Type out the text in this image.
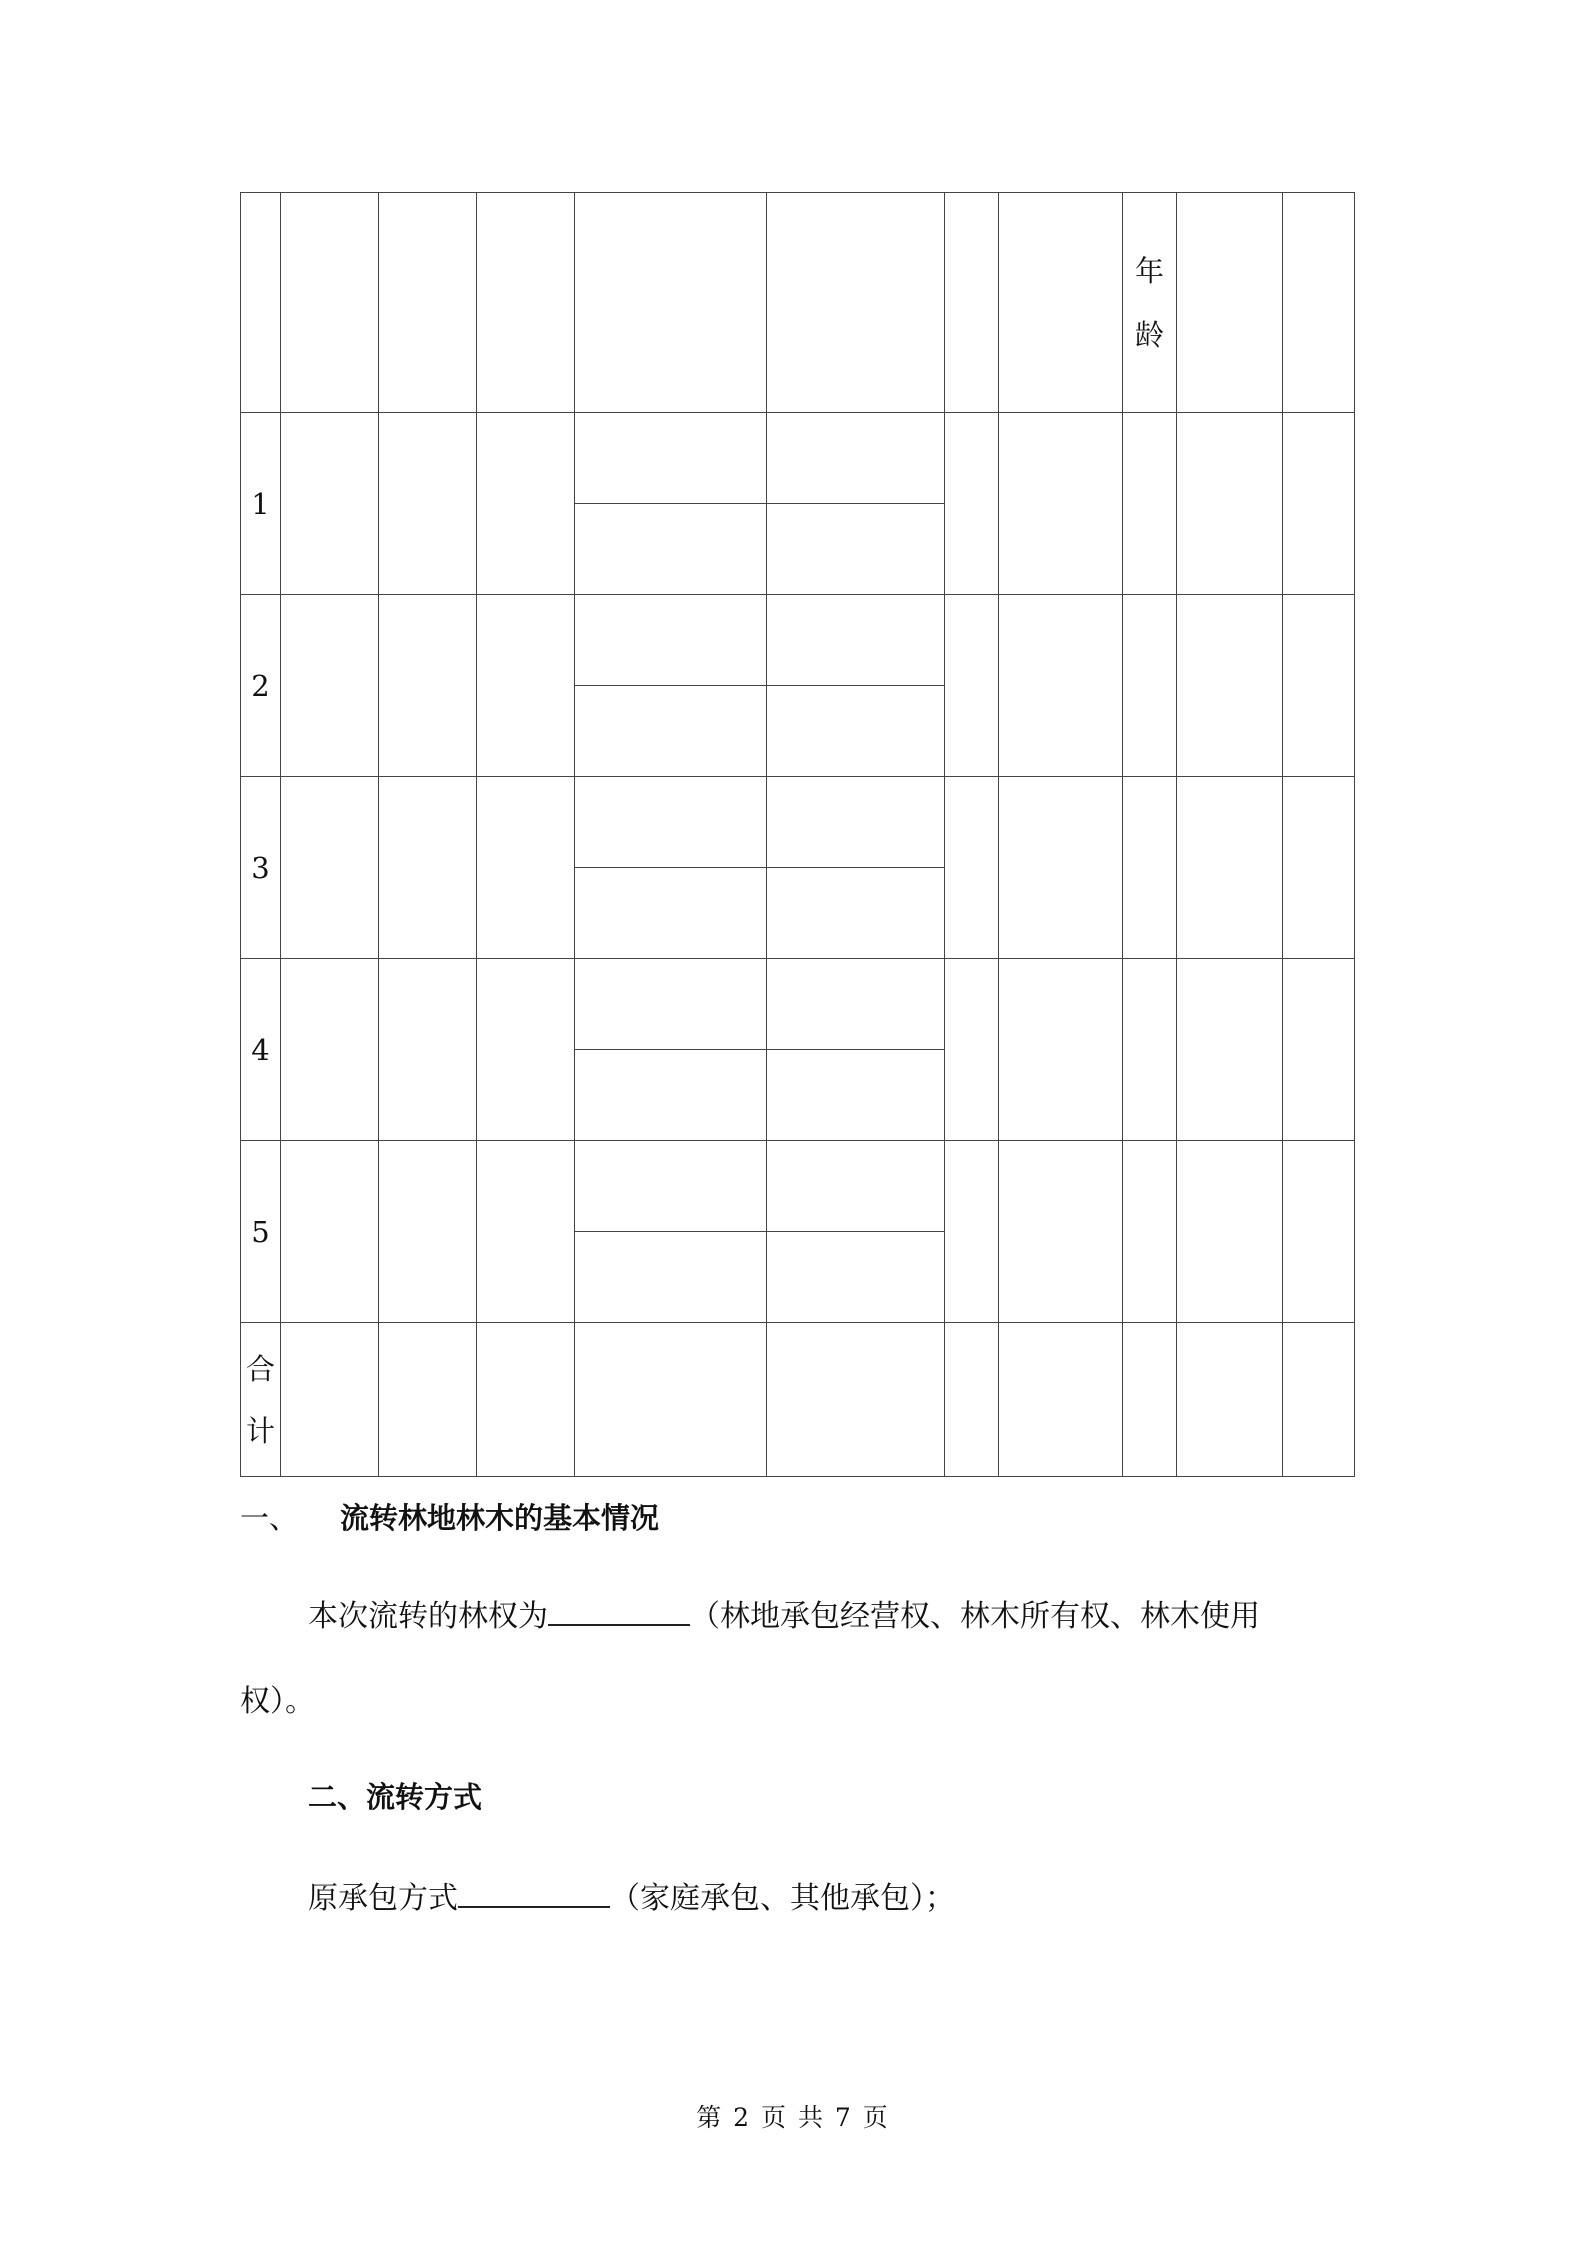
								年
龄		

1										

2										

3										

4										

5										

合
计										

一、 流转林地林木的基本情况
本次流转的林权为	（林地承包经营权、林木所有权、林木使用
权）。
二、流转方式
原承包方式	（家庭承包、其他承包）；
第 2 页 共 7 页
